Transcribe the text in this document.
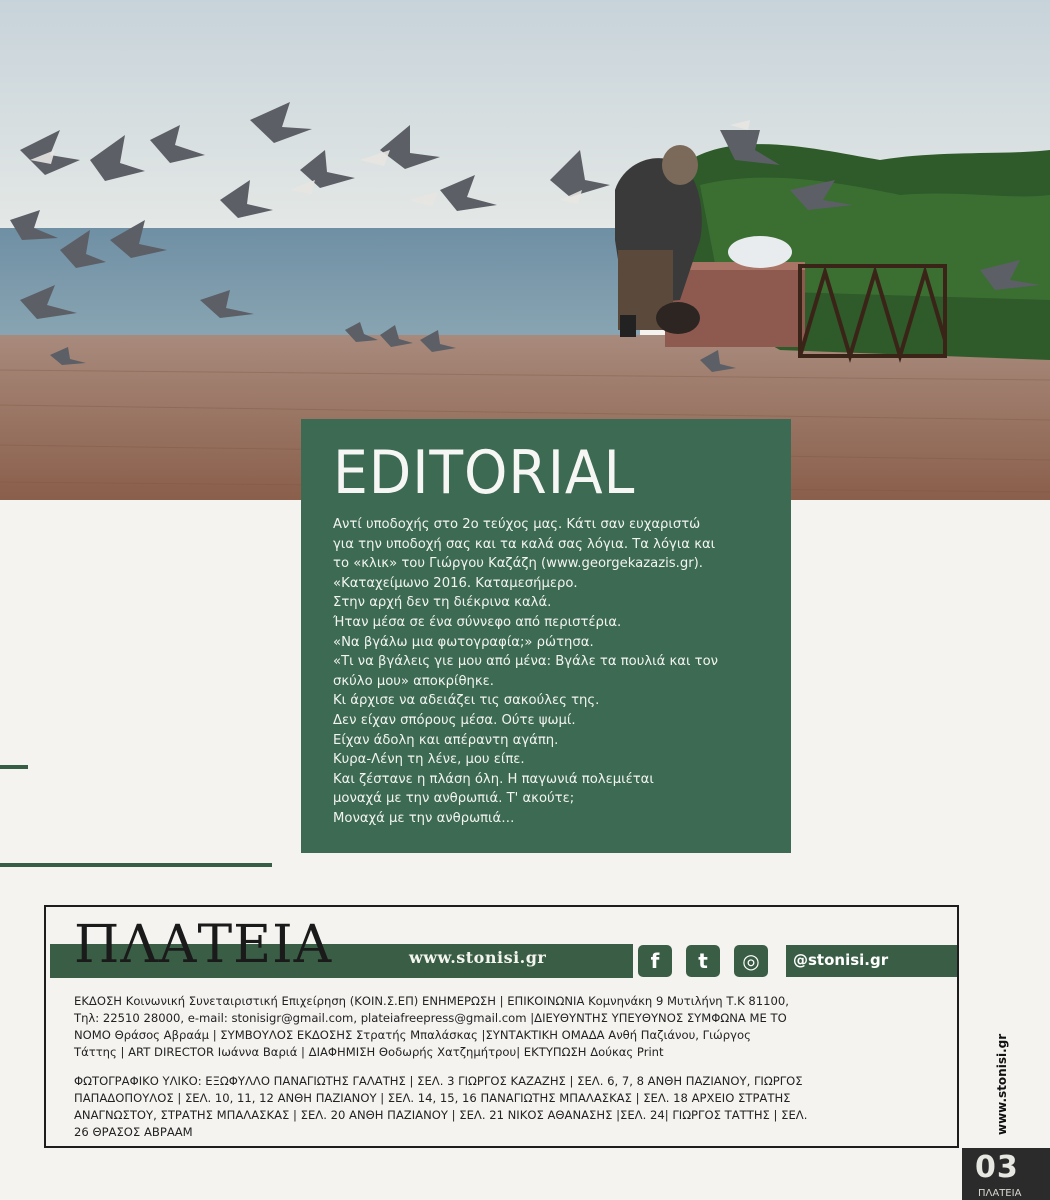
EDITORIAL

Αντί υποδοχής στο 2ο τεύχος μας. Κάτι σαν ευχαριστώ

για την υποδοχή σας και τα καλά σας λόγια. Τα λόγια και

το «κλικ» του Γιώργου Καζάζη (www.georgekazazis.gr).

«Καταχείμωνο 2016. Καταμεσήμερο.

Στην αρχή δεν τη διέκρινα καλά.

Ήταν μέσα σε ένα σύννεφο από περιστέρια.

«Να βγάλω μια φωτογραφία;» ρώτησα.

«Τι να βγάλεις γιε μου από μένα: Βγάλε τα πουλιά και τον

σκύλο μου» αποκρίθηκε.

Κι άρχισε να αδειάζει τις σακούλες της.

Δεν είχαν σπόρους μέσα. Ούτε ψωμί.

Είχαν άδολη και απέραντη αγάπη.

Κυρα-Λένη τη λένε, μου είπε.

Και ζέστανε η πλάση όλη. Η παγωνιά πολεμιέται

μοναχά με την ανθρωπιά. Τ' ακούτε;

Μοναχά με την ανθρωπιά…

ΠΛΑΤΕΙΑ	www.stonisi.gr	f	t	◎	@stonisi.gr

ΕΚΔΟΣΗ Κοινωνική Συνεταιριστική Επιχείρηση (ΚΟΙΝ.Σ.ΕΠ) ΕΝΗΜΕΡΩΣΗ | ΕΠΙΚΟΙΝΩΝΙΑ Κομνηνάκη 9 Μυτιλήνη Τ.Κ 81100,

Τηλ: 22510 28000, e-mail: stonisigr@gmail.com, plateiafreepress@gmail.com |ΔΙΕΥΘΥΝΤΗΣ ΥΠΕΥΘΥΝΟΣ ΣΥΜΦΩΝΑ ΜΕ ΤΟ

ΝΟΜΟ Θράσος Αβραάμ | ΣΥΜΒΟΥΛΟΣ ΕΚΔΟΣΗΣ Στρατής Μπαλάσκας |ΣΥΝΤΑΚΤΙΚΗ ΟΜΑΔΑ Ανθή Παζιάνου, Γιώργος

Τάττης | ART DIRECTOR Ιωάννα Βαριά | ΔΙΑΦΗΜΙΣΗ Θοδωρής Χατζημήτρου| ΕΚΤΥΠΩΣΗ Δούκας Print

ΦΩΤΟΓΡΑΦΙΚΟ ΥΛΙΚΟ: ΕΞΩΦΥΛΛΟ ΠΑΝΑΓΙΩΤΗΣ ΓΑΛΑΤΗΣ | ΣΕΛ. 3 ΓΙΩΡΓΟΣ ΚΑΖΑΖΗΣ | ΣΕΛ. 6, 7, 8 ΑΝΘΗ ΠΑΖΙΑΝΟΥ, ΓΙΩΡΓΟΣ

ΠΑΠΑΔΟΠΟΥΛΟΣ | ΣΕΛ. 10, 11, 12 ΑΝΘΗ ΠΑΖΙΑΝΟΥ | ΣΕΛ. 14, 15, 16 ΠΑΝΑΓΙΩΤΗΣ ΜΠΑΛΑΣΚΑΣ | ΣΕΛ. 18 ΑΡΧΕΙΟ ΣΤΡΑΤΗΣ

ΑΝΑΓΝΩΣΤΟΥ, ΣΤΡΑΤΗΣ ΜΠΑΛΑΣΚΑΣ | ΣΕΛ. 20 ΑΝΘΗ ΠΑΖΙΑΝΟΥ | ΣΕΛ. 21 ΝΙΚΟΣ ΑΘΑΝΑΣΗΣ |ΣΕΛ. 24| ΓΙΩΡΓΟΣ ΤΑΤΤΗΣ | ΣΕΛ.

26 ΘΡΑΣΟΣ ΑΒΡΑΑΜ	www.stonisi.gr
03
ΠΛΑΤΕΙΑ
